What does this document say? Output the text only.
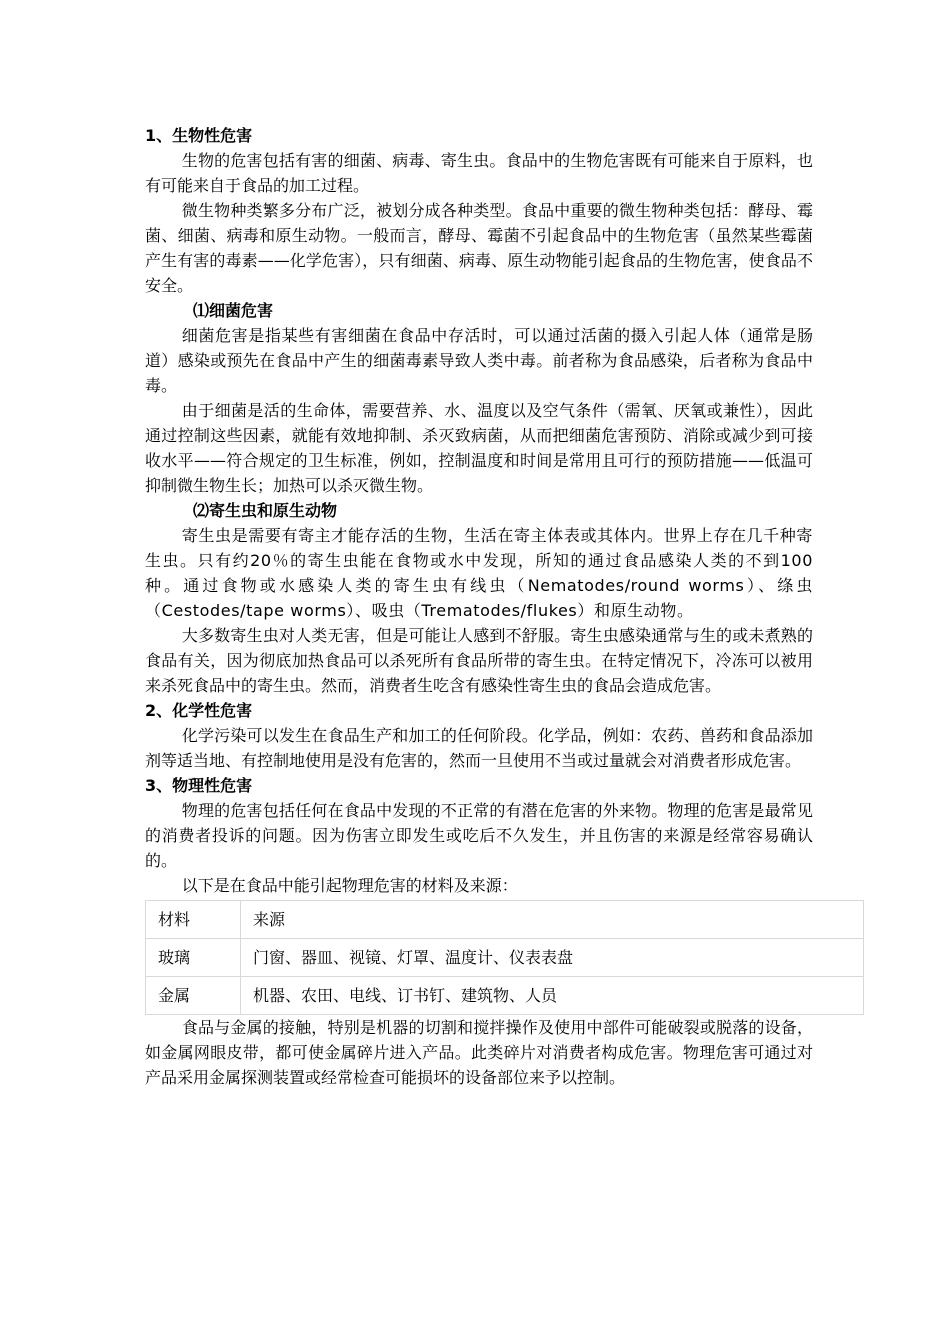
1、生物性危害

生物的危害包括有害的细菌、病毒、寄生虫。食品中的生物危害既有可能来自于原料，也有可能来自于食品的加工过程。

微生物种类繁多分布广泛，被划分成各种类型。食品中重要的微生物种类包括：酵母、霉菌、细菌、病毒和原生动物。一般而言，酵母、霉菌不引起食品中的生物危害（虽然某些霉菌产生有害的毒素——化学危害），只有细菌、病毒、原生动物能引起食品的生物危害，使食品不安全。

⑴细菌危害

细菌危害是指某些有害细菌在食品中存活时，可以通过活菌的摄入引起人体（通常是肠道）感染或预先在食品中产生的细菌毒素导致人类中毒。前者称为食品感染，后者称为食品中毒。

由于细菌是活的生命体，需要营养、水、温度以及空气条件（需氧、厌氧或兼性），因此通过控制这些因素，就能有效地抑制、杀灭致病菌，从而把细菌危害预防、消除或减少到可接收水平——符合规定的卫生标准，例如，控制温度和时间是常用且可行的预防措施——低温可抑制微生物生长；加热可以杀灭微生物。

⑵寄生虫和原生动物

寄生虫是需要有寄主才能存活的生物，生活在寄主体表或其体内。世界上存在几千种寄生虫。只有约20％的寄生虫能在食物或水中发现，所知的通过食品感染人类的不到100种。通过食物或水感染人类的寄生虫有线虫（Nematodes/round worms）、绦虫（Cestodes/tape worms）、吸虫（Trematodes/flukes）和原生动物。

大多数寄生虫对人类无害，但是可能让人感到不舒服。寄生虫感染通常与生的或未煮熟的食品有关，因为彻底加热食品可以杀死所有食品所带的寄生虫。在特定情况下，冷冻可以被用来杀死食品中的寄生虫。然而，消费者生吃含有感染性寄生虫的食品会造成危害。

2、化学性危害

化学污染可以发生在食品生产和加工的任何阶段。化学品，例如：农药、兽药和食品添加剂等适当地、有控制地使用是没有危害的，然而一旦使用不当或过量就会对消费者形成危害。

3、物理性危害

物理的危害包括任何在食品中发现的不正常的有潜在危害的外来物。物理的危害是最常见的消费者投诉的问题。因为伤害立即发生或吃后不久发生，并且伤害的来源是经常容易确认的。

以下是在食品中能引起物理危害的材料及来源：

材料	来源
玻璃	门窗、器皿、视镜、灯罩、温度计、仪表表盘
金属	机器、农田、电线、订书钉、建筑物、人员

食品与金属的接触，特别是机器的切割和搅拌操作及使用中部件可能破裂或脱落的设备，如金属网眼皮带，都可使金属碎片进入产品。此类碎片对消费者构成危害。物理危害可通过对产品采用金属探测装置或经常检查可能损坏的设备部位来予以控制。
